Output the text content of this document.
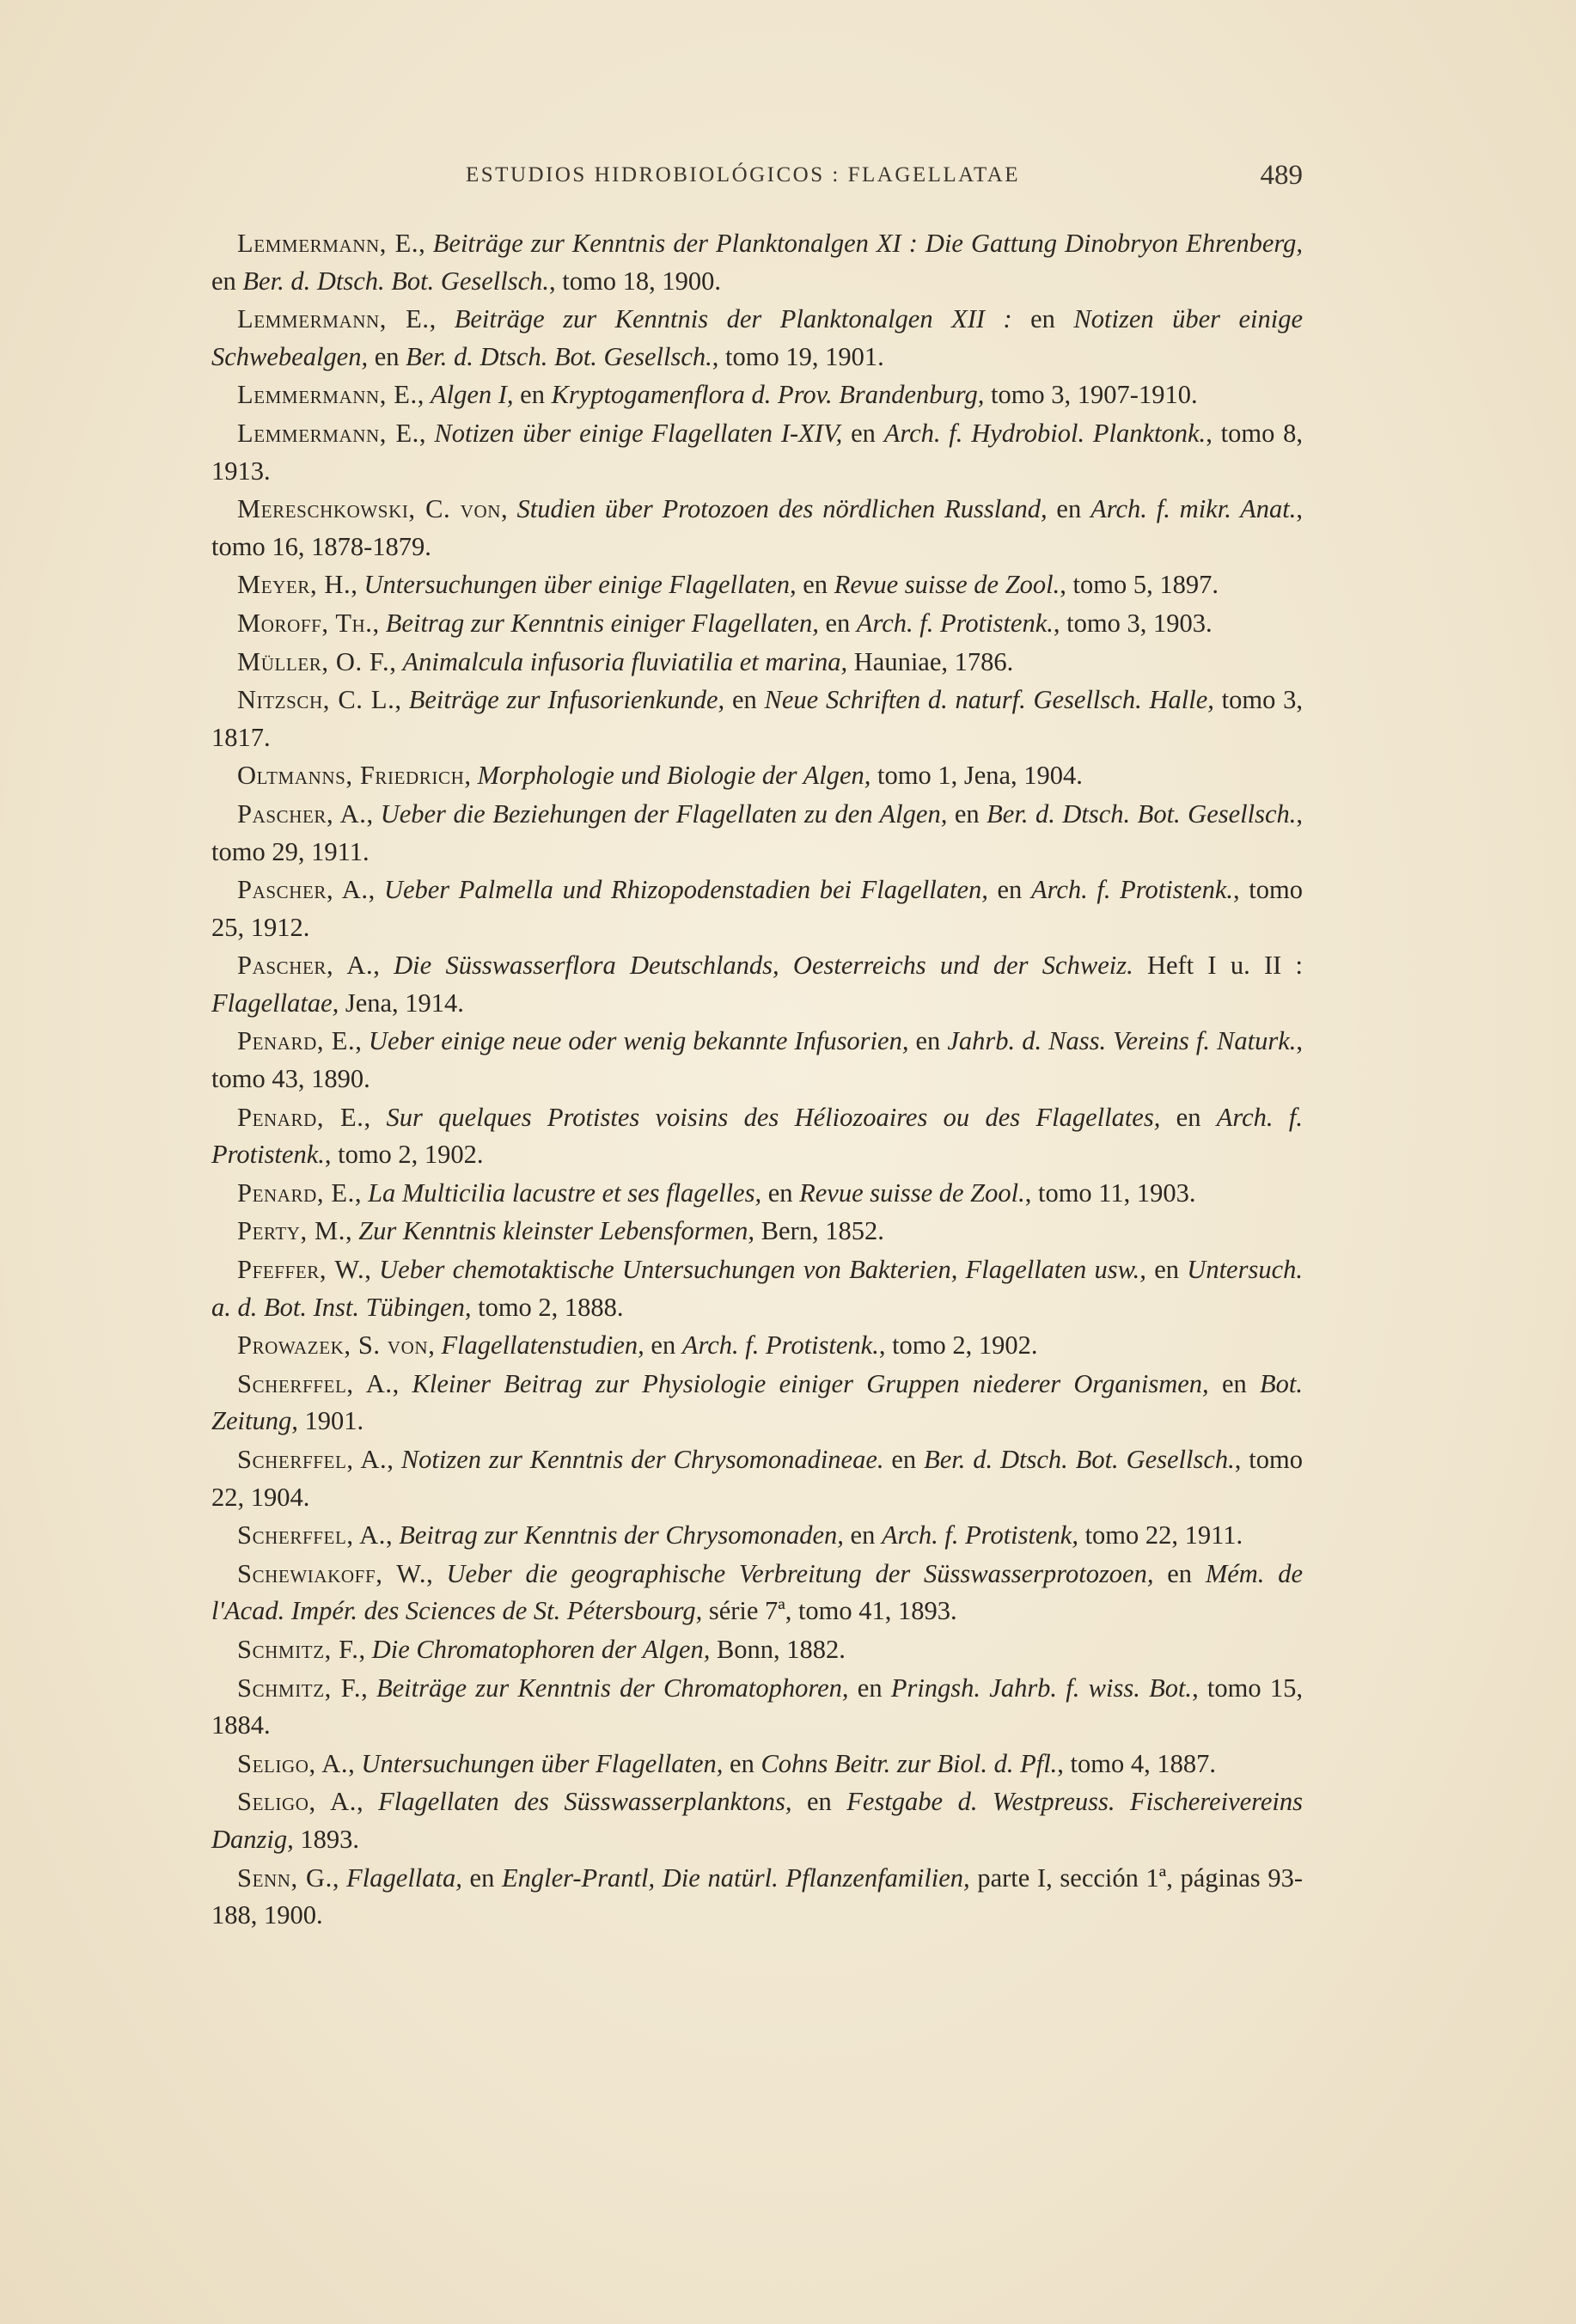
ESTUDIOS HIDROBIOLÓGICOS : FLAGELLATAE	489

Lemmermann, E., Beiträge zur Kenntnis der Planktonalgen XI : Die Gattung Dinobryon Ehrenberg, en Ber. d. Dtsch. Bot. Gesellsch., tomo 18, 1900.

Lemmermann, E., Beiträge zur Kenntnis der Planktonalgen XII : en Notizen über einige Schwebealgen, en Ber. d. Dtsch. Bot. Gesellsch., tomo 19, 1901.

Lemmermann, E., Algen I, en Kryptogamenflora d. Prov. Brandenburg, tomo 3, 1907-1910.

Lemmermann, E., Notizen über einige Flagellaten I-XIV, en Arch. f. Hydrobiol. Planktonk., tomo 8, 1913.

Mereschkowski, C. von, Studien über Protozoen des nördlichen Russland, en Arch. f. mikr. Anat., tomo 16, 1878-1879.

Meyer, H., Untersuchungen über einige Flagellaten, en Revue suisse de Zool., tomo 5, 1897.

Moroff, Th., Beitrag zur Kenntnis einiger Flagellaten, en Arch. f. Protistenk., tomo 3, 1903.

Müller, O. F., Animalcula infusoria fluviatilia et marina, Hauniae, 1786.

Nitzsch, C. L., Beiträge zur Infusorienkunde, en Neue Schriften d. naturf. Gesellsch. Halle, tomo 3, 1817.

Oltmanns, Friedrich, Morphologie und Biologie der Algen, tomo 1, Jena, 1904.

Pascher, A., Ueber die Beziehungen der Flagellaten zu den Algen, en Ber. d. Dtsch. Bot. Gesellsch., tomo 29, 1911.

Pascher, A., Ueber Palmella und Rhizopodenstadien bei Flagellaten, en Arch. f. Protistenk., tomo 25, 1912.

Pascher, A., Die Süsswasserflora Deutschlands, Oesterreichs und der Schweiz. Heft I u. II : Flagellatae, Jena, 1914.

Penard, E., Ueber einige neue oder wenig bekannte Infusorien, en Jahrb. d. Nass. Vereins f. Naturk., tomo 43, 1890.

Penard, E., Sur quelques Protistes voisins des Héliozoaires ou des Flagellates, en Arch. f. Protistenk., tomo 2, 1902.

Penard, E., La Multicilia lacustre et ses flagelles, en Revue suisse de Zool., tomo 11, 1903.

Perty, M., Zur Kenntnis kleinster Lebensformen, Bern, 1852.

Pfeffer, W., Ueber chemotaktische Untersuchungen von Bakterien, Flagellaten usw., en Untersuch. a. d. Bot. Inst. Tübingen, tomo 2, 1888.

Prowazek, S. von, Flagellatenstudien, en Arch. f. Protistenk., tomo 2, 1902.

Scherffel, A., Kleiner Beitrag zur Physiologie einiger Gruppen niederer Organismen, en Bot. Zeitung, 1901.

Scherffel, A., Notizen zur Kenntnis der Chrysomonadineae. en Ber. d. Dtsch. Bot. Gesellsch., tomo 22, 1904.

Scherffel, A., Beitrag zur Kenntnis der Chrysomonaden, en Arch. f. Protistenk, tomo 22, 1911.

Schewiakoff, W., Ueber die geographische Verbreitung der Süsswasserprotozoen, en Mém. de l'Acad. Impér. des Sciences de St. Pétersbourg, série 7ª, tomo 41, 1893.

Schmitz, F., Die Chromatophoren der Algen, Bonn, 1882.

Schmitz, F., Beiträge zur Kenntnis der Chromatophoren, en Pringsh. Jahrb. f. wiss. Bot., tomo 15, 1884.

Seligo, A., Untersuchungen über Flagellaten, en Cohns Beitr. zur Biol. d. Pfl., tomo 4, 1887.

Seligo, A., Flagellaten des Süsswasserplanktons, en Festgabe d. Westpreuss. Fischereivereins Danzig, 1893.

Senn, G., Flagellata, en Engler-Prantl, Die natürl. Pflanzenfamilien, parte I, sección 1ª, páginas 93-188, 1900.
